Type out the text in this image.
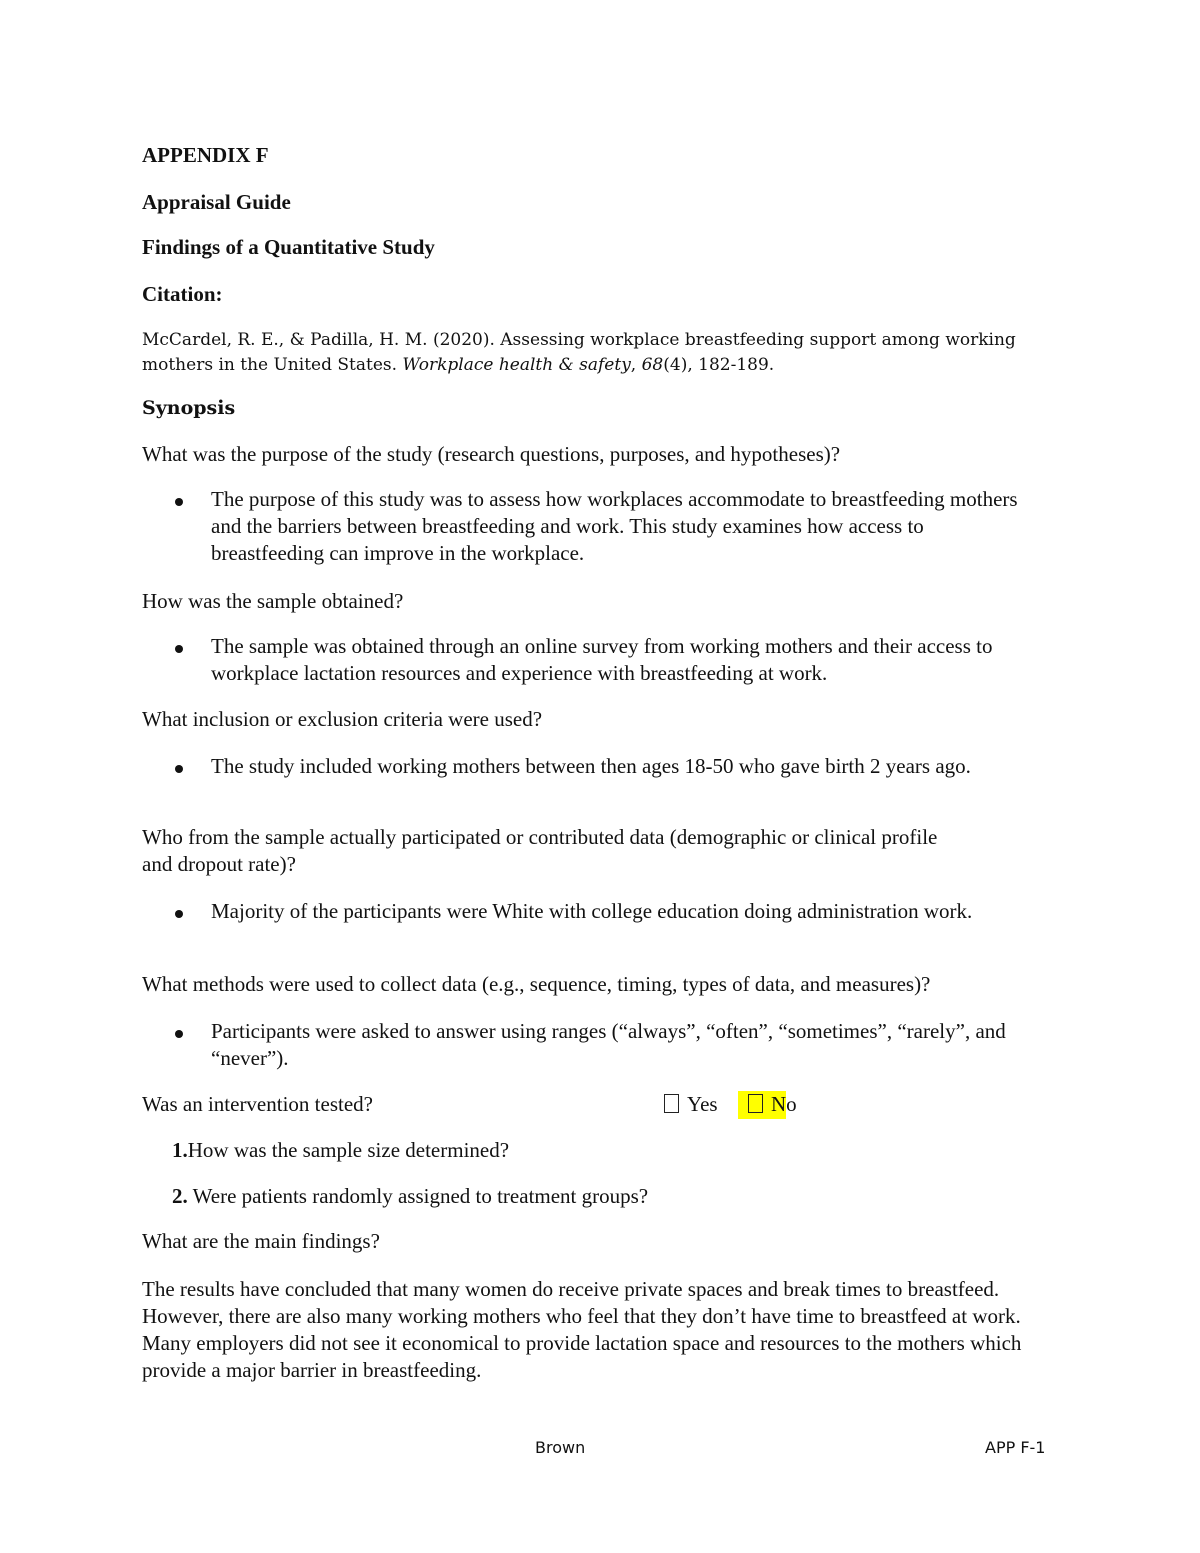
APPENDIX F
Appraisal Guide
Findings of a Quantitative Study
Citation:
McCardel, R. E., & Padilla, H. M. (2020). Assessing workplace breastfeeding support among working mothers in the United States. Workplace health & safety, 68(4), 182-189.
Synopsis
What was the purpose of the study (research questions, purposes, and hypotheses)?
The purpose of this study was to assess how workplaces accommodate to breastfeeding mothers and the barriers between breastfeeding and work. This study examines how access to breastfeeding can improve in the workplace.
How was the sample obtained?
The sample was obtained through an online survey from working mothers and their access to workplace lactation resources and experience with breastfeeding at work.
What inclusion or exclusion criteria were used?
The study included working mothers between then ages 18-50 who gave birth 2 years ago.
Who from the sample actually participated or contributed data (demographic or clinical profile
and dropout rate)?
Majority of the participants were White with college education doing administration work.
What methods were used to collect data (e.g., sequence, timing, types of data, and measures)?
Participants were asked to answer using ranges (“always”, “often”, “sometimes”, “rarely”, and “never”).
Was an intervention tested?	Yes	No
1.How was the sample size determined?
2. Were patients randomly assigned to treatment groups?
What are the main findings?
The results have concluded that many women do receive private spaces and break times to breastfeed. However, there are also many working mothers who feel that they don’t have time to breastfeed at work. Many employers did not see it economical to provide lactation space and resources to the mothers which provide a major barrier in breastfeeding.
Brown	APP F-1
